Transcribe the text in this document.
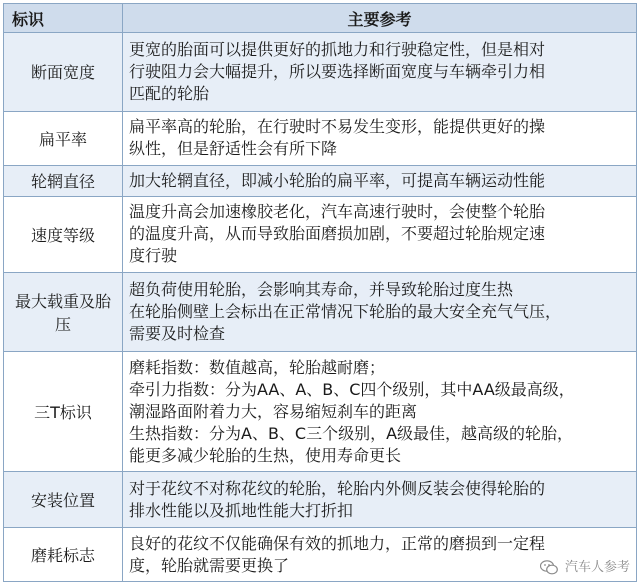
标识	主要参考
断面宽度	更宽的胎面可以提供更好的抓地力和行驶稳定性，但是相对
行驶阻力会大幅提升，所以要选择断面宽度与车辆牵引力相
匹配的轮胎

扁平率	扁平率高的轮胎，在行驶时不易发生变形，能提供更好的操
纵性，但是舒适性会有所下降

轮辋直径	加大轮辋直径，即减小轮胎的扁平率，可提高车辆运动性能

速度等级	温度升高会加速橡胶老化，汽车高速行驶时，会使整个轮胎
的温度升高，从而导致胎面磨损加剧，不要超过轮胎规定速
度行驶

最大载重及胎压	超负荷使用轮胎，会影响其寿命，并导致轮胎过度生热
在轮胎侧壁上会标出在正常情况下轮胎的最大安全充气气压，
需要及时检查

三T标识	磨耗指数：数值越高，轮胎越耐磨；
牵引力指数：分为AA、A、B、C四个级别，其中AA级最高级，
潮湿路面附着力大，容易缩短刹车的距离
生热指数：分为A、B、C三个级别，A级最佳，越高级的轮胎，
能更多减少轮胎的生热，使用寿命更长

安装位置	对于花纹不对称花纹的轮胎，轮胎内外侧反装会使得轮胎的
排水性能以及抓地性能大打折扣

磨耗标志	良好的花纹不仅能确保有效的抓地力，正常的磨损到一定程
度，轮胎就需要更换了	汽车人参考
